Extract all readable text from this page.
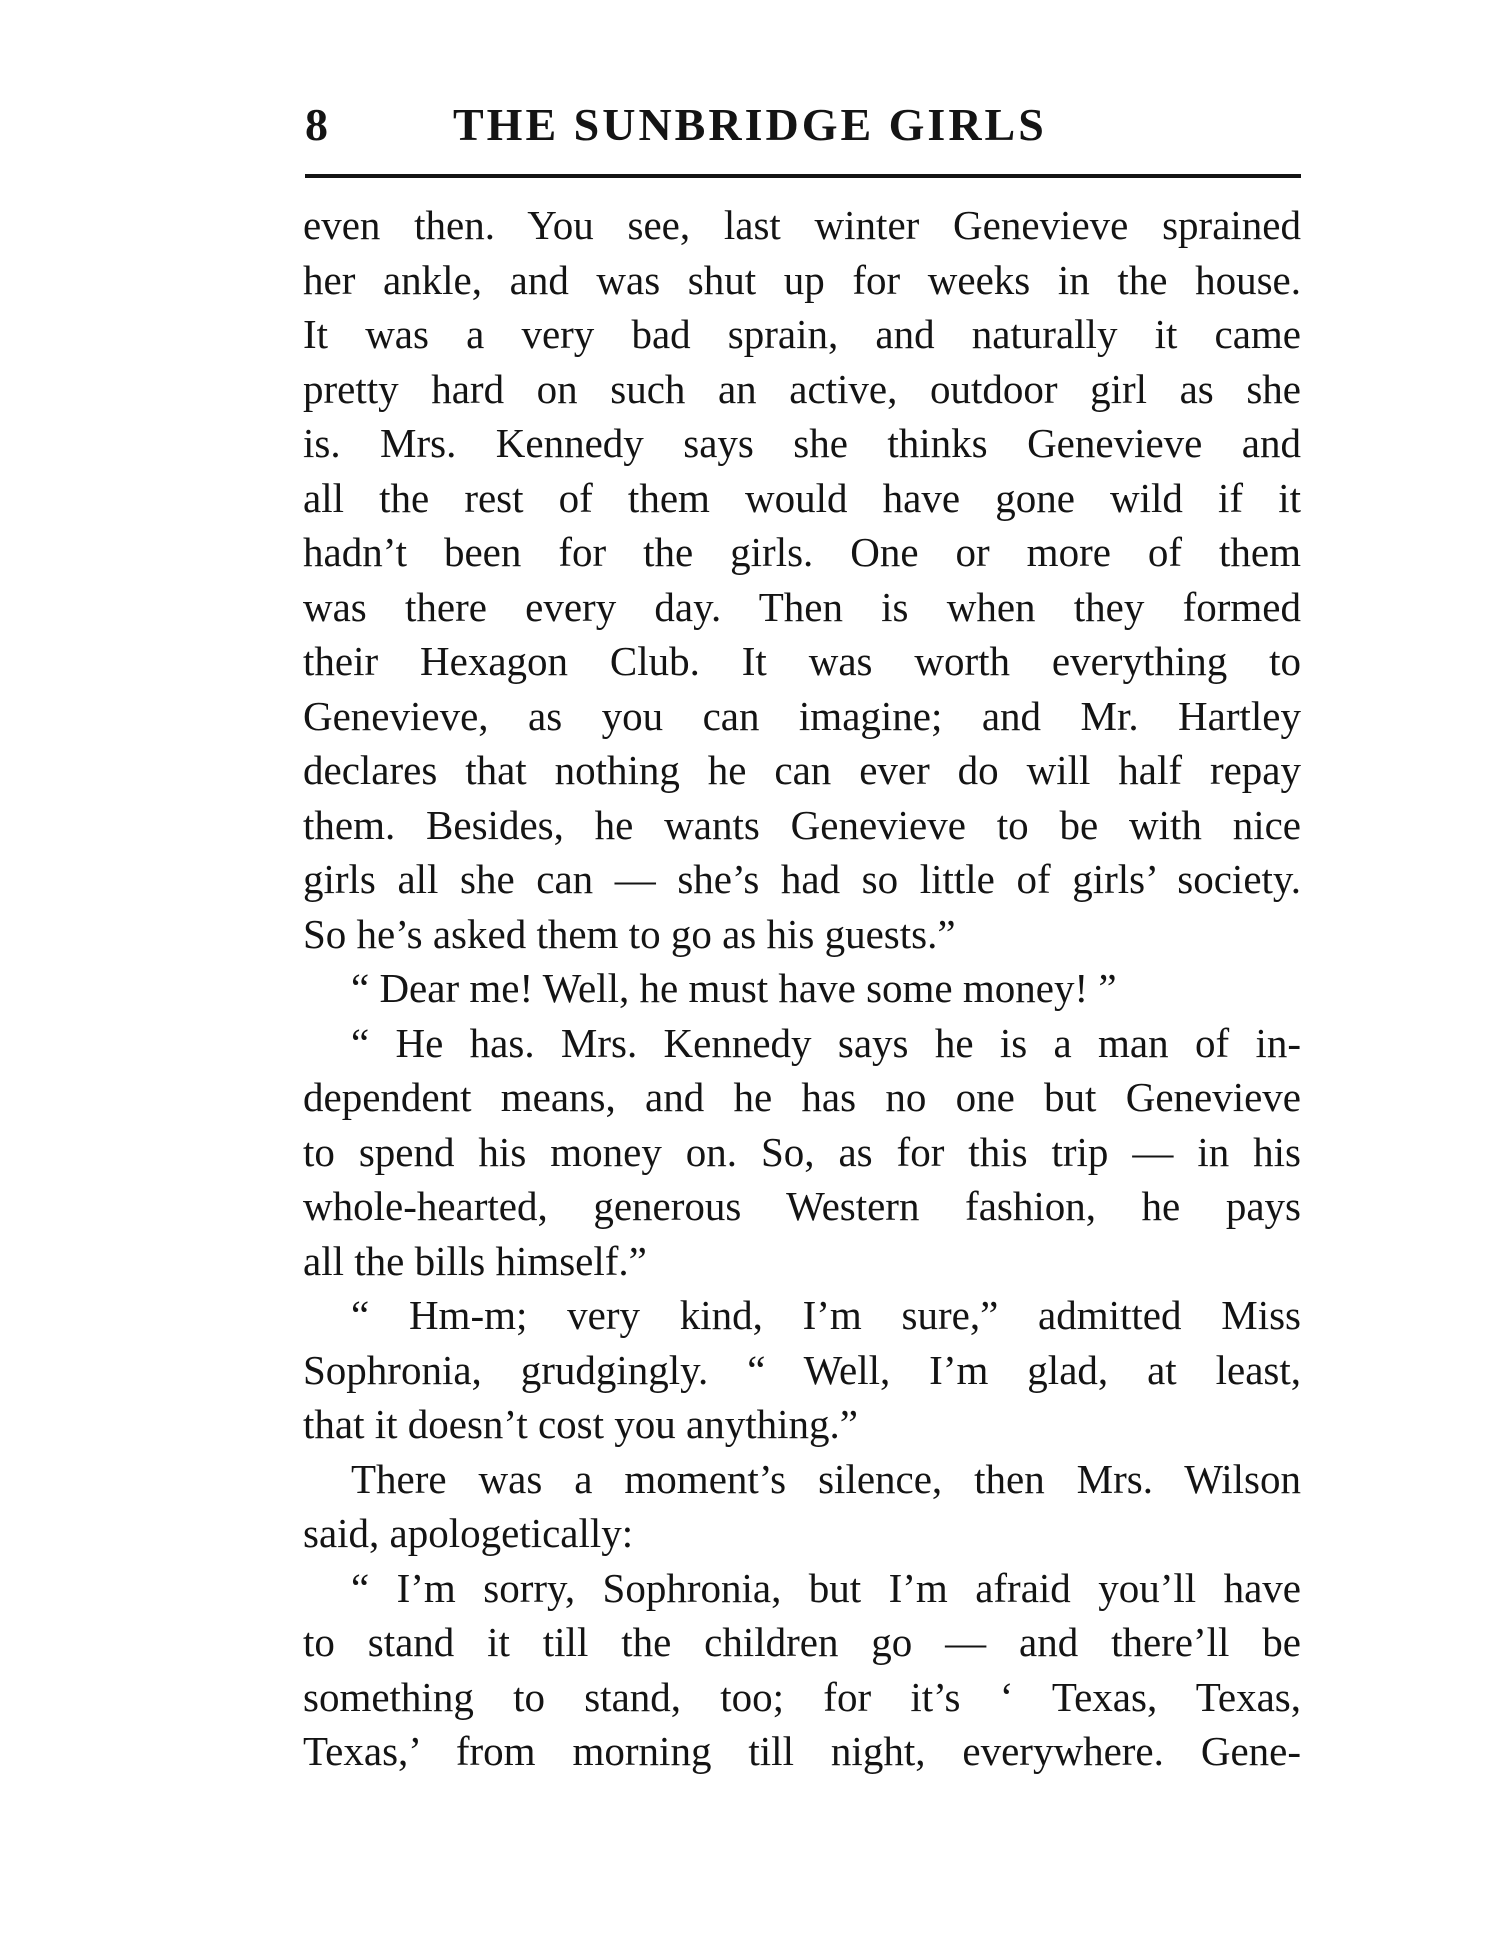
8	THE SUNBRIDGE GIRLS
even then. You see, last winter Genevieve sprained
her ankle, and was shut up for weeks in the house.
It was a very bad sprain, and naturally it came
pretty hard on such an active, outdoor girl as she
is. Mrs. Kennedy says she thinks Genevieve and
all the rest of them would have gone wild if it
hadn’t been for the girls. One or more of them
was there every day. Then is when they formed
their Hexagon Club. It was worth everything to
Genevieve, as you can imagine; and Mr. Hartley
declares that nothing he can ever do will half repay
them. Besides, he wants Genevieve to be with nice
girls all she can — she’s had so little of girls’ society.
So he’s asked them to go as his guests.”
“ Dear me! Well, he must have some money! ”
“ He has. Mrs. Kennedy says he is a man of in-
dependent means, and he has no one but Genevieve
to spend his money on. So, as for this trip — in his
whole-hearted, generous Western fashion, he pays
all the bills himself.”
“ Hm-m; very kind, I’m sure,” admitted Miss
Sophronia, grudgingly. “ Well, I’m glad, at least,
that it doesn’t cost you anything.”
There was a moment’s silence, then Mrs. Wilson
said, apologetically:
“ I’m sorry, Sophronia, but I’m afraid you’ll have
to stand it till the children go — and there’ll be
something to stand, too; for it’s ‘ Texas, Texas,
Texas,’ from morning till night, everywhere. Gene-
